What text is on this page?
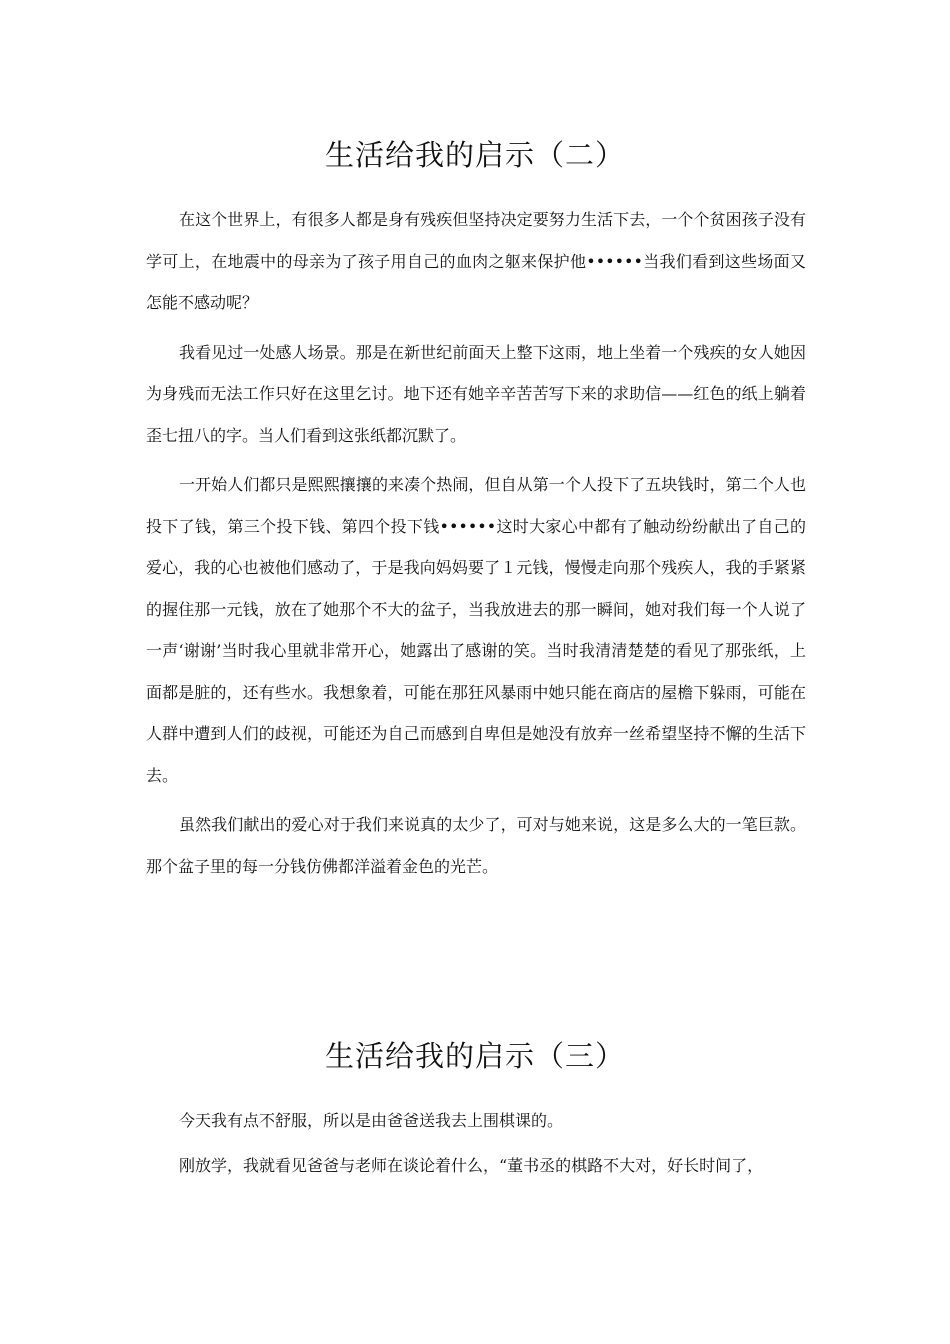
生活给我的启示（二）

在这个世界上，有很多人都是身有残疾但坚持决定要努力生活下去，一个个贫困孩子没有学可上，在地震中的母亲为了孩子用自己的血肉之躯来保护他••••••当我们看到这些场面又怎能不感动呢？

我看见过一处感人场景。那是在新世纪前面天上整下这雨，地上坐着一个残疾的女人她因为身残而无法工作只好在这里乞讨。地下还有她辛辛苦苦写下来的求助信——红色的纸上躺着歪七扭八的字。当人们看到这张纸都沉默了。

一开始人们都只是熙熙攘攘的来凑个热闹，但自从第一个人投下了五块钱时，第二个人也投下了钱，第三个投下钱、第四个投下钱••••••这时大家心中都有了触动纷纷献出了自己的爱心，我的心也被他们感动了，于是我向妈妈要了１元钱，慢慢走向那个残疾人，我的手紧紧的握住那一元钱，放在了她那个不大的盆子，当我放进去的那一瞬间，她对我们每一个人说了一声‘谢谢’当时我心里就非常开心，她露出了感谢的笑。当时我清清楚楚的看见了那张纸，上面都是脏的，还有些水。我想象着，可能在那狂风暴雨中她只能在商店的屋檐下躲雨，可能在人群中遭到人们的歧视，可能还为自己而感到自卑但是她没有放弃一丝希望坚持不懈的生活下去。

虽然我们献出的爱心对于我们来说真的太少了，可对与她来说，这是多么大的一笔巨款。那个盆子里的每一分钱仿佛都洋溢着金色的光芒。

生活给我的启示（三）

今天我有点不舒服，所以是由爸爸送我去上围棋课的。

刚放学，我就看见爸爸与老师在谈论着什么，“董书丞的棋路不大对，好长时间了，
